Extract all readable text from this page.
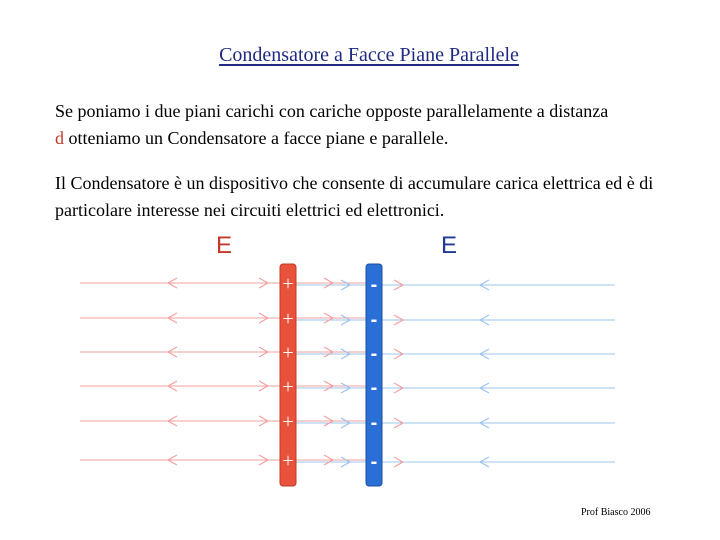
Condensatore a Facce Piane Parallele

Se poniamo i due piani carichi con cariche opposte parallelamente a distanza
d otteniamo un Condensatore a facce piane e parallele.

Il Condensatore è un dispositivo che consente di accumulare carica elettrica ed è di particolare interesse nei circuiti elettrici ed elettronici.

E	E
+	-
+	-
+	-
+	-
+	-
+	-
Prof Biasco 2006
